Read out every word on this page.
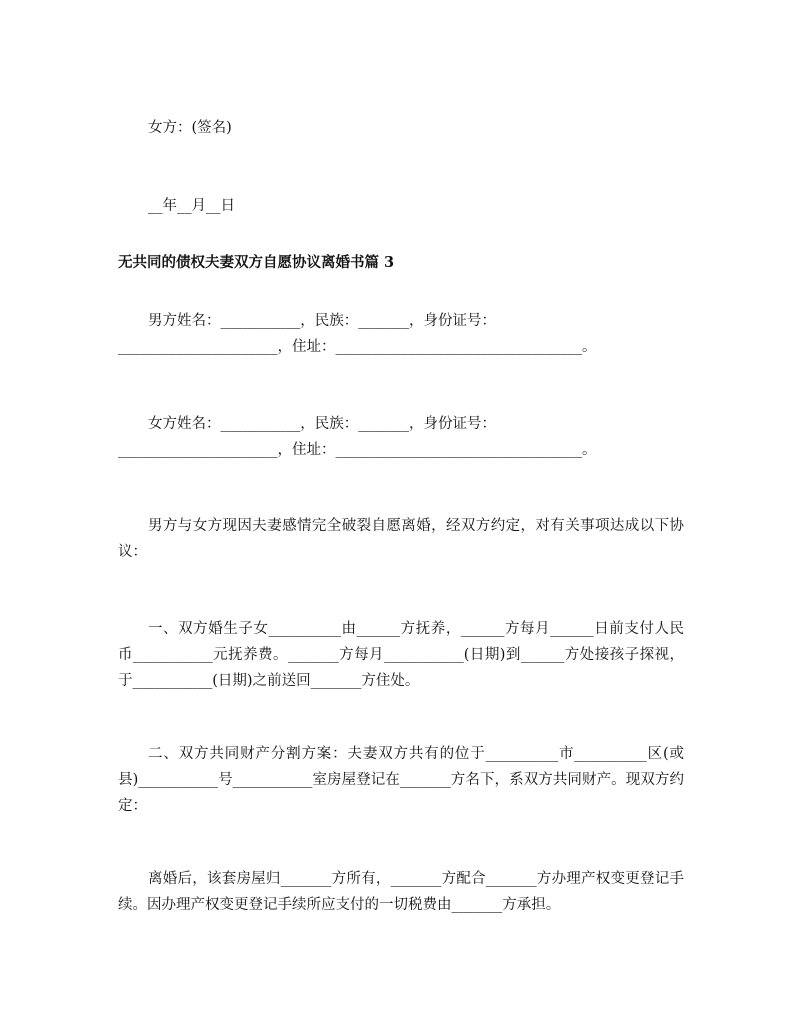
女方：(签名)
__年__月__日
无共同的债权夫妻双方自愿协议离婚书篇 3
男方姓名：___________，民族：_______，身份证号：
______________________，住址：__________________________________。
女方姓名：___________，民族：_______，身份证号：
______________________，住址：__________________________________。
男方与女方现因夫妻感情完全破裂自愿离婚，经双方约定，对有关事项达成以下协议：
一、双方婚生子女__________由______方抚养，______方每月______日前支付人民币___________元抚养费。_______方每月___________(日期)到______方处接孩子探视，于___________(日期)之前送回_______方住处。
二、双方共同财产分割方案：夫妻双方共有的位于__________市__________区(或县)___________号___________室房屋登记在_______方名下，系双方共同财产。现双方约定：
离婚后，该套房屋归_______方所有，_______方配合_______方办理产权变更登记手续。因办理产权变更登记手续所应支付的一切税费由_______方承担。
